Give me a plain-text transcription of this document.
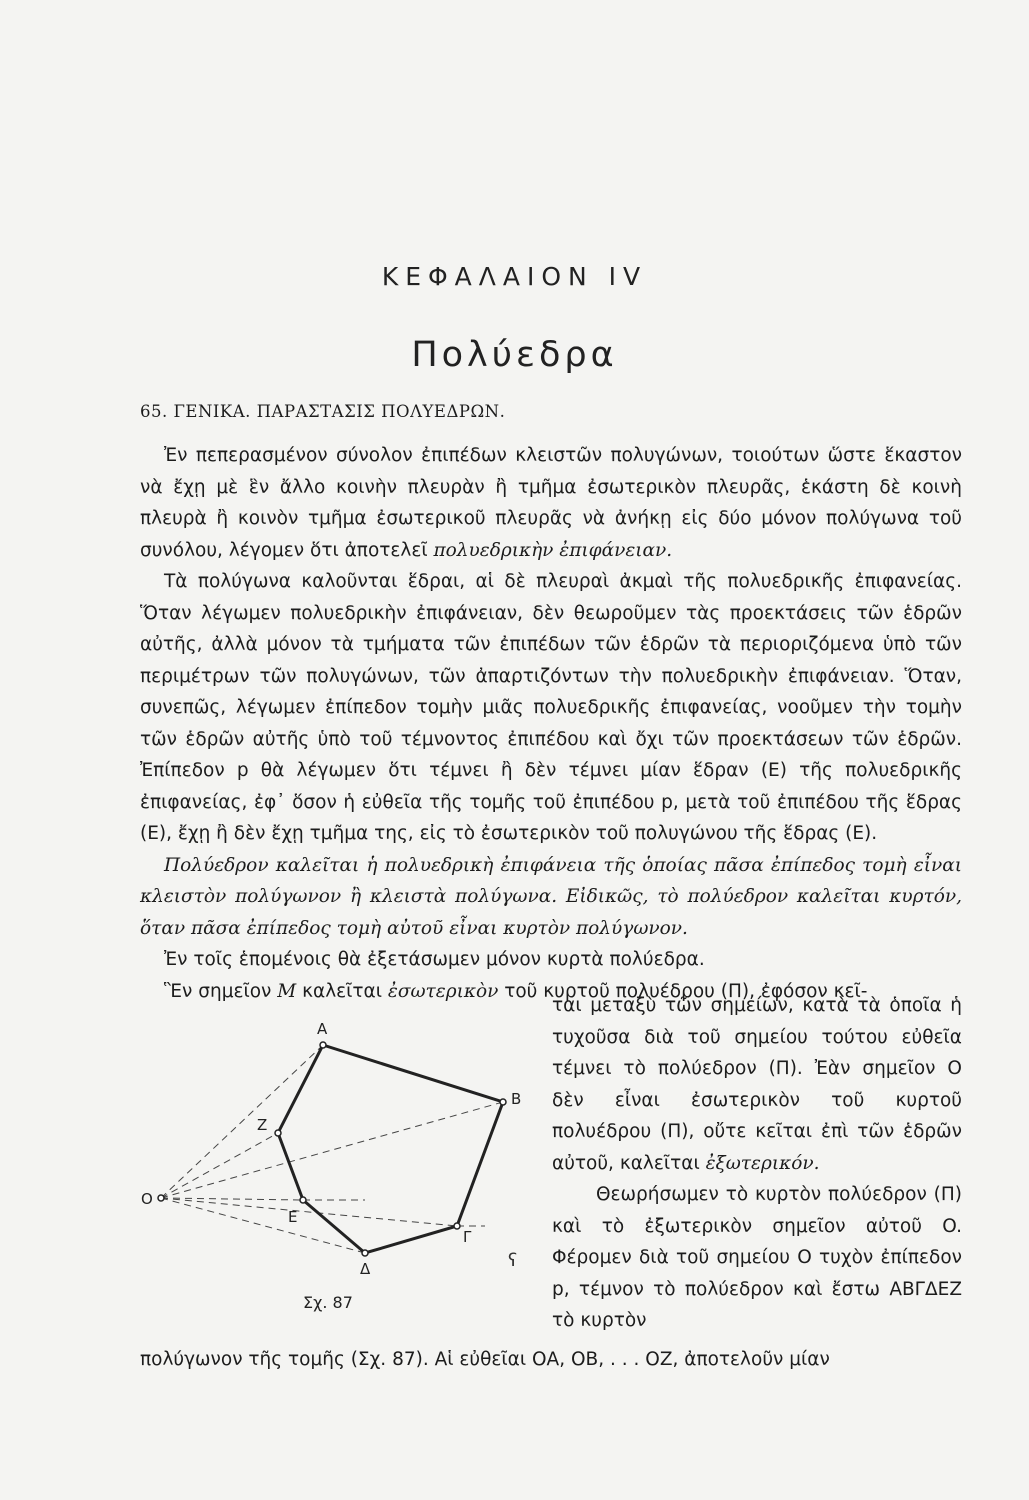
ΚΕΦΑΛΑΙΟΝ IV
Πολύεδρα
65. ΓΕΝΙΚΑ. ΠΑΡΑΣΤΑΣΙΣ ΠΟΛΥΕΔΡΩΝ.

Ἐν πεπερασμένον σύνολον ἐπιπέδων κλειστῶν πολυγώνων, τοιούτων ὥστε ἕκαστον νὰ ἔχῃ μὲ ἓν ἄλλο κοινὴν πλευρὰν ἢ τμῆμα ἐσωτερικὸν πλευρᾶς, ἑκάστη δὲ κοινὴ πλευρὰ ἢ κοινὸν τμῆμα ἐσωτερικοῦ πλευρᾶς νὰ ἀνήκῃ εἰς δύο μόνον πολύγωνα τοῦ συνόλου, λέγομεν ὅτι ἀποτελεῖ πολυεδρικὴν ἐπιφάνειαν.

Τὰ πολύγωνα καλοῦνται ἕδραι, αἱ δὲ πλευραὶ ἀκμαὶ τῆς πολυεδρικῆς ἐπιφανείας. Ὅταν λέγωμεν πολυεδρικὴν ἐπιφάνειαν, δὲν θεωροῦμεν τὰς προεκτάσεις τῶν ἑδρῶν αὐτῆς, ἀλλὰ μόνον τὰ τμήματα τῶν ἐπιπέδων τῶν ἑδρῶν τὰ περιοριζόμενα ὑπὸ τῶν περιμέτρων τῶν πολυγώνων, τῶν ἀπαρτιζόντων τὴν πολυεδρικὴν ἐπιφάνειαν. Ὅταν, συνεπῶς, λέγωμεν ἐπίπεδον τομὴν μιᾶς πολυεδρικῆς ἐπιφανείας, νοοῦμεν τὴν τομὴν τῶν ἑδρῶν αὐτῆς ὑπὸ τοῦ τέμνοντος ἐπιπέδου καὶ ὄχι τῶν προεκτάσεων τῶν ἑδρῶν. Ἐπίπεδον p θὰ λέγωμεν ὅτι τέμνει ἢ δὲν τέμνει μίαν ἕδραν (E) τῆς πολυεδρικῆς ἐπιφανείας, ἐφ᾽ ὅσον ἡ εὐθεῖα τῆς τομῆς τοῦ ἐπιπέδου p, μετὰ τοῦ ἐπιπέδου τῆς ἕδρας (E), ἔχῃ ἢ δὲν ἔχῃ τμῆμα της, εἰς τὸ ἐσωτερικὸν τοῦ πολυγώνου τῆς ἕδρας (E).

Πολύεδρον καλεῖται ἡ πολυεδρικὴ ἐπιφάνεια τῆς ὁποίας πᾶσα ἐπίπεδος τομὴ εἶναι κλειστὸν πολύγωνον ἢ κλειστὰ πολύγωνα. Εἰδικῶς, τὸ πολύεδρον καλεῖται κυρτόν, ὅταν πᾶσα ἐπίπεδος τομὴ αὐτοῦ εἶναι κυρτὸν πολύγωνον.

Ἐν τοῖς ἑπομένοις θὰ ἐξετάσωμεν μόνον κυρτὰ πολύεδρα.

Ἓν σημεῖον M καλεῖται ἐσωτερικὸν τοῦ κυρτοῦ πολυέδρου (Π), ἐφόσον κεῖ-

ται μεταξὺ τῶν σημείων, κατὰ τὰ ὁποῖα ἡ τυχοῦσα διὰ τοῦ σημείου τούτου εὐθεῖα τέμνει τὸ πολύεδρον (Π). Ἐὰν σημεῖον O δὲν εἶναι ἐσωτερικὸν τοῦ κυρτοῦ πολυέδρου (Π), οὔτε κεῖται ἐπὶ τῶν ἑδρῶν αὐτοῦ, καλεῖται ἐξωτερικόν.

Θεωρήσωμεν τὸ κυρτὸν πολύεδρον (Π) καὶ τὸ ἐξωτερικὸν σημεῖον αὐτοῦ O. Φέρομεν διὰ τοῦ σημείου O τυχὸν ἐπίπεδον p, τέμνον τὸ πολύεδρον καὶ ἔστω ΑΒΓΔΕΖ τὸ κυρτὸν

πολύγωνον τῆς τομῆς (Σχ. 87). Αἱ εὐθεῖαι ΟΑ, ΟΒ, . . . ΟΖ, ἀποτελοῦν μίαν
ʕ
Α
Β
Γ
Δ
Ε
Ζ
Ο
Σχ. 87
